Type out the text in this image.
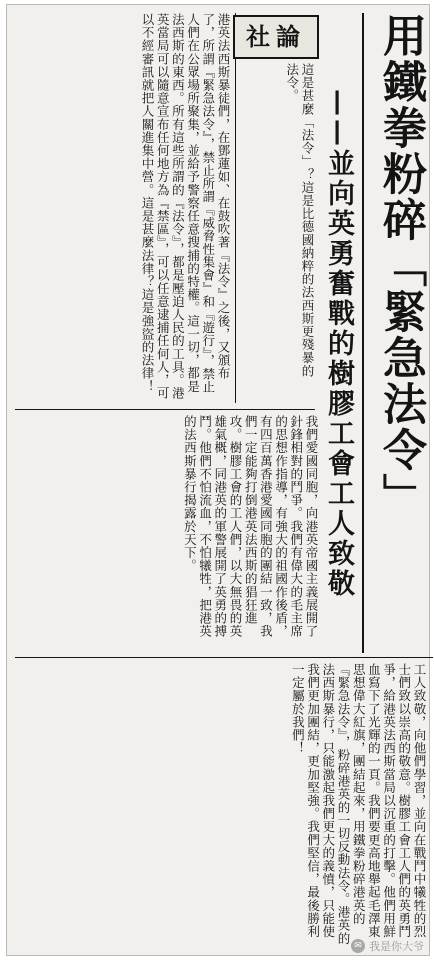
用鐵拳粉碎「緊急法令」
——並向英勇奮戰的樹膠工會工人致敬
社論
港英法西斯暴徒們，在鄧蓮如、在鼓吹著『法令』之後，又頒布了，所謂『緊急法令』，禁止所謂『威脅性集會』和『遊行』，禁止人們在公眾場所聚集，並給予警察任意搜捕的特權。這一切，都是法西斯的東西。所有這些所謂的『法令』，都是壓迫人民的工具。港英當局可以隨意宣布任何地方為『禁區』，可以任意逮捕任何人，可以不經審訊就把人關進集中營。這是甚麼法律？這是強盜的法律！	這是甚麼「法令」？這是比德國納粹的法西斯更殘暴的法令。
我們愛國同胞，向港英帝國主義展開了針鋒相對的鬥爭。我們有偉大的毛主席的思想作指導，有強大的祖國作後盾，有四百萬香港愛國同胞的團結一致，我們一定能夠打倒港英法西斯的猖狂進攻。樹膠工會的工人們，以大無畏的英雄氣概，同港英的軍警展開了英勇的搏鬥。他們不怕流血，不怕犧牲，把港英的法西斯暴行揭露於天下。
工人致敬，向他們學習，並向在戰鬥中犧牲的烈士們致以崇高的敬意。樹膠工會工人們的英勇鬥爭，給港英法西斯當局以沉重的打擊。他們用鮮血寫下了光輝的一頁。我們要更高地舉起毛澤東思想偉大紅旗，團結起來，用鐵拳粉碎港英的『緊急法令』，粉碎港英的一切反動法令。港英的法西斯暴行，只能激起我們更大的義憤，只能使我們更加團結，更加堅強。我們堅信，最後勝利一定屬於我們！
✉ 我是你大爷
